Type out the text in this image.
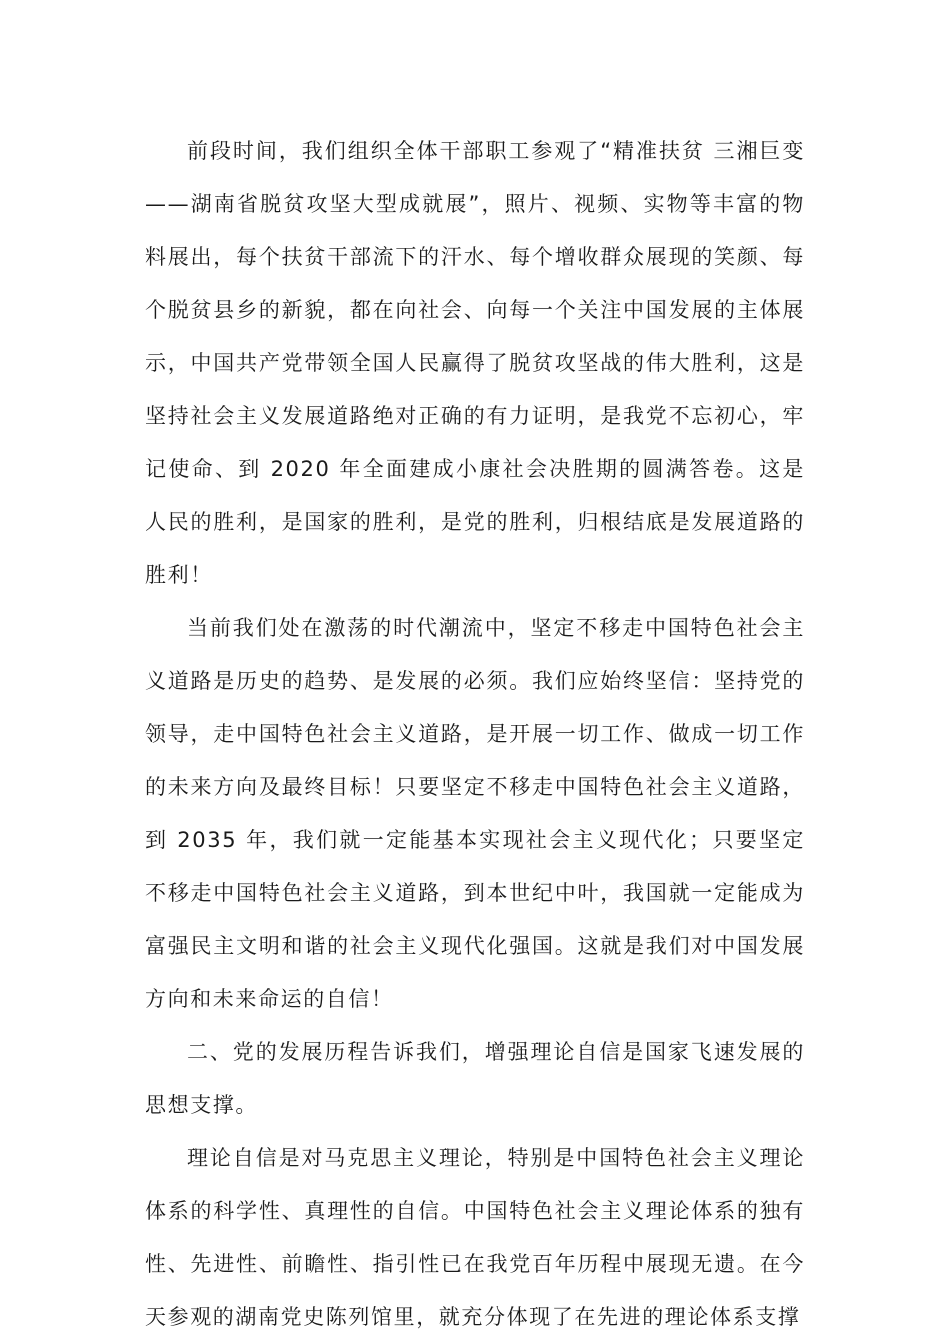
前段时间，我们组织全体干部职工参观了“精准扶贫 三湘巨变——湖南省脱贫攻坚大型成就展”，照片、视频、实物等丰富的物料展出，每个扶贫干部流下的汗水、每个增收群众展现的笑颜、每个脱贫县乡的新貌，都在向社会、向每一个关注中国发展的主体展示，中国共产党带领全国人民赢得了脱贫攻坚战的伟大胜利，这是坚持社会主义发展道路绝对正确的有力证明，是我党不忘初心，牢记使命、到 2020 年全面建成小康社会决胜期的圆满答卷。这是人民的胜利，是国家的胜利，是党的胜利，归根结底是发展道路的胜利！

当前我们处在激荡的时代潮流中，坚定不移走中国特色社会主义道路是历史的趋势、是发展的必须。我们应始终坚信：坚持党的领导，走中国特色社会主义道路，是开展一切工作、做成一切工作的未来方向及最终目标！只要坚定不移走中国特色社会主义道路，到 2035 年，我们就一定能基本实现社会主义现代化；只要坚定不移走中国特色社会主义道路，到本世纪中叶，我国就一定能成为富强民主文明和谐的社会主义现代化强国。这就是我们对中国发展方向和未来命运的自信！

二、党的发展历程告诉我们，增强理论自信是国家飞速发展的思想支撑。

理论自信是对马克思主义理论，特别是中国特色社会主义理论体系的科学性、真理性的自信。中国特色社会主义理论体系的独有性、先进性、前瞻性、指引性已在我党百年历程中展现无遗。在今天参观的湖南党史陈列馆里，就充分体现了在先进的理论体系支撑
